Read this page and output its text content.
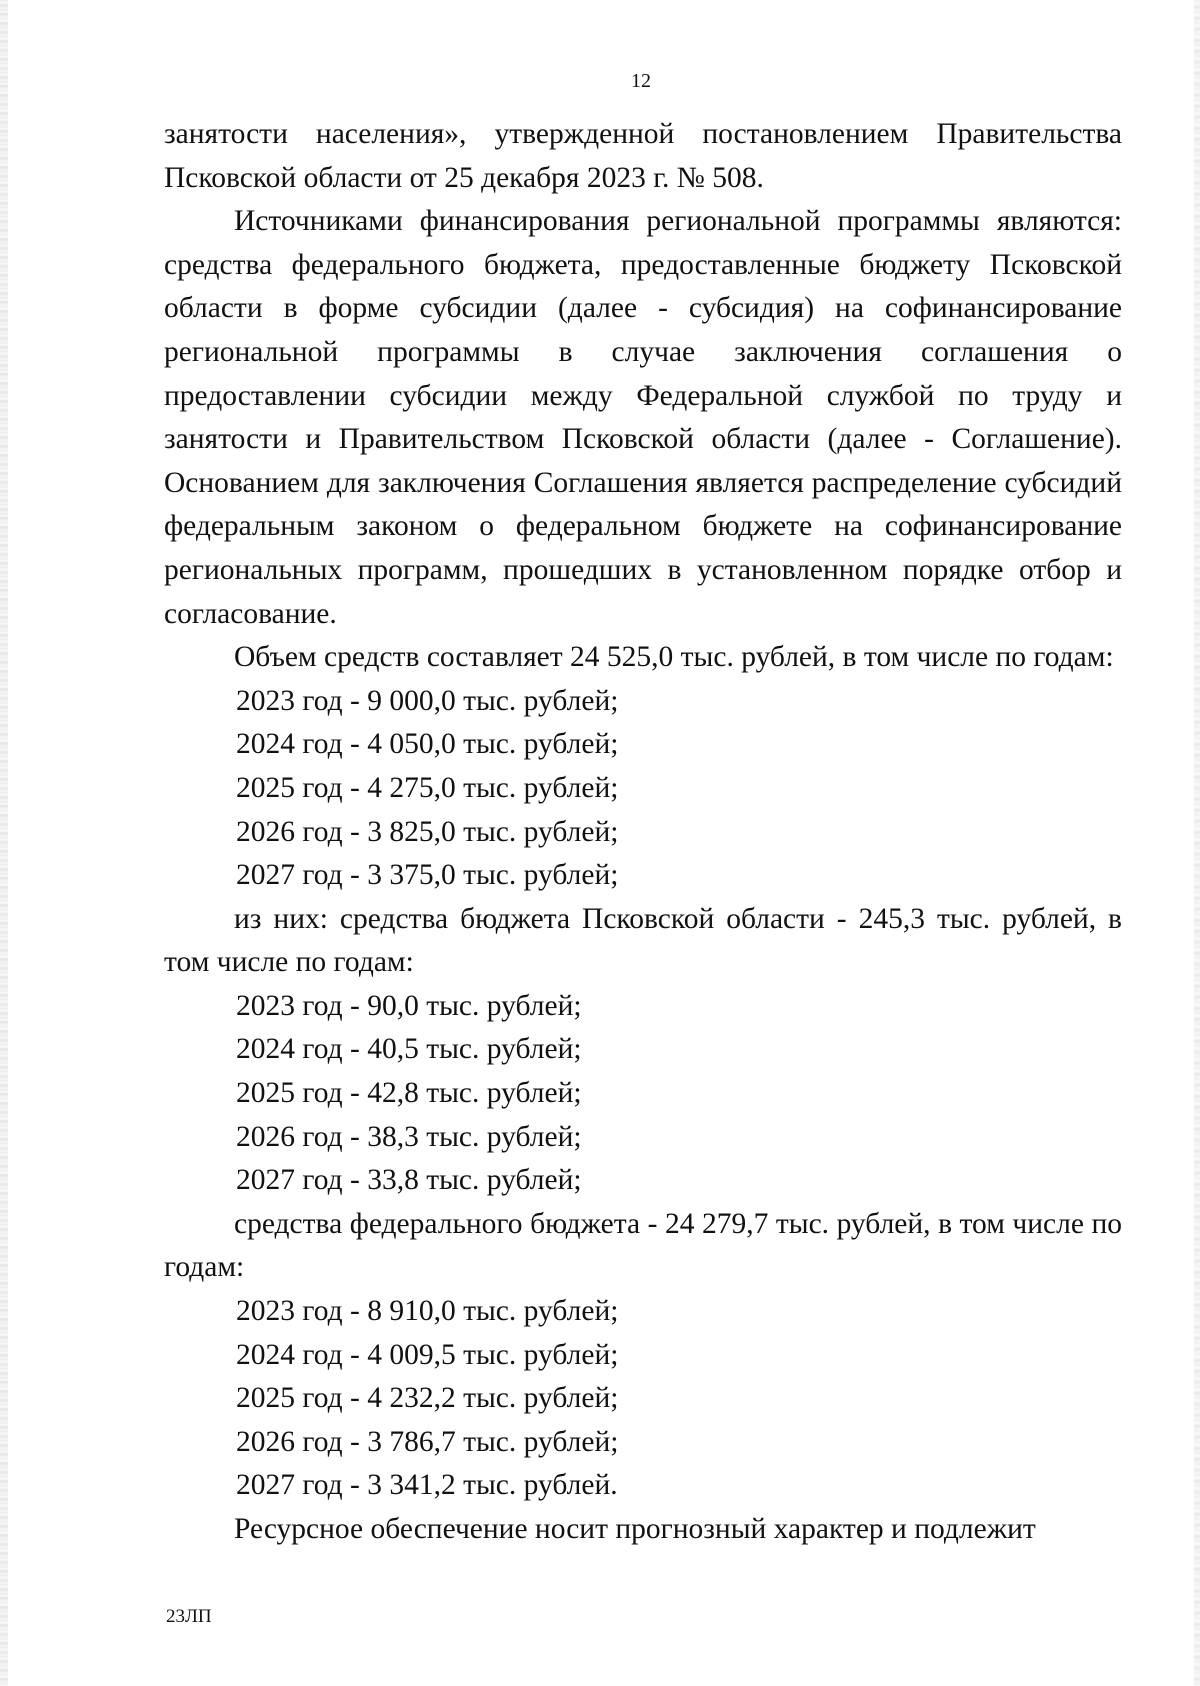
12

занятости населения», утвержденной постановлением Правительства Псковской области от 25 декабря 2023 г. № 508.

Источниками финансирования региональной программы являются: средства федерального бюджета, предоставленные бюджету Псковской области в форме субсидии (далее - субсидия) на софинансирование региональной программы в случае заключения соглашения о предоставлении субсидии между Федеральной службой по труду и занятости и Правительством Псковской области (далее - Соглашение). Основанием для заключения Соглашения является распределение субсидий федеральным законом о федеральном бюджете на софинансирование региональных программ, прошедших в установленном порядке отбор и согласование.

Объем средств составляет 24 525,0 тыс. рублей, в том числе по годам:

2023 год - 9 000,0 тыс. рублей;

2024 год - 4 050,0 тыс. рублей;

2025 год - 4 275,0 тыс. рублей;

2026 год - 3 825,0 тыс. рублей;

2027 год - 3 375,0 тыс. рублей;

из них: средства бюджета Псковской области - 245,3 тыс. рублей, в том числе по годам:

2023 год - 90,0 тыс. рублей;

2024 год - 40,5 тыс. рублей;

2025 год - 42,8 тыс. рублей;

2026 год - 38,3 тыс. рублей;

2027 год - 33,8 тыс. рублей;

средства федерального бюджета - 24 279,7 тыс. рублей, в том числе по годам:

2023 год - 8 910,0 тыс. рублей;

2024 год - 4 009,5 тыс. рублей;

2025 год - 4 232,2 тыс. рублей;

2026 год - 3 786,7 тыс. рублей;

2027 год - 3 341,2 тыс. рублей.

Ресурсное обеспечение носит прогнозный характер и подлежит

23ЛП
